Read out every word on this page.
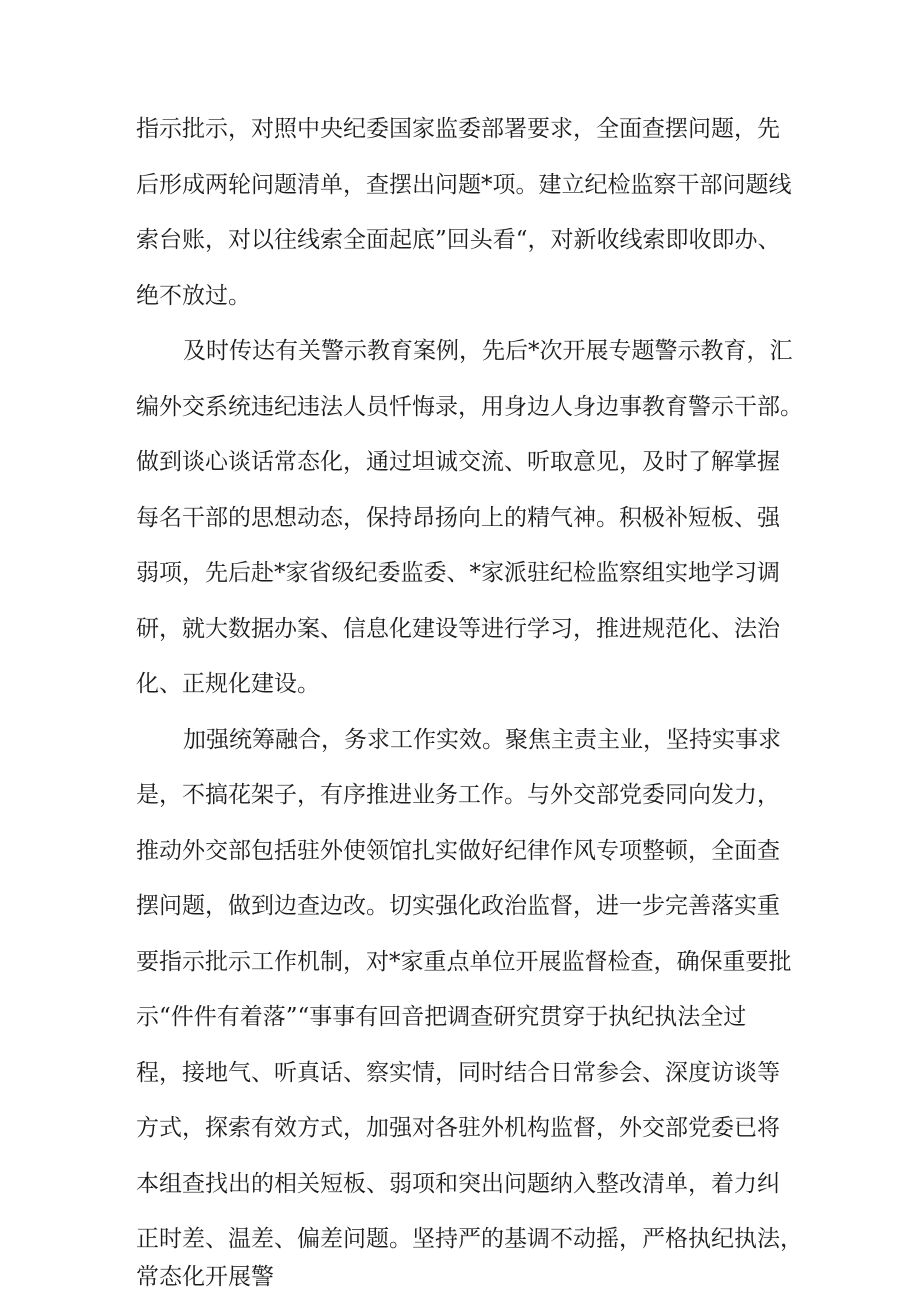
指示批示，对照中央纪委国家监委部署要求，全面查摆问题，先
后形成两轮问题清单，查摆出问题*项。建立纪检监察干部问题线
索台账，对以往线索全面起底”回头看“，对新收线索即收即办、
绝不放过。
及时传达有关警示教育案例，先后*次开展专题警示教育，汇
编外交系统违纪违法人员忏悔录，用身边人身边事教育警示干部。
做到谈心谈话常态化，通过坦诚交流、听取意见，及时了解掌握
每名干部的思想动态，保持昂扬向上的精气神。积极补短板、强
弱项，先后赴*家省级纪委监委、*家派驻纪检监察组实地学习调
研，就大数据办案、信息化建设等进行学习，推进规范化、法治
化、正规化建设。
加强统筹融合，务求工作实效。聚焦主责主业，坚持实事求
是，不搞花架子，有序推进业务工作。与外交部党委同向发力，
推动外交部包括驻外使领馆扎实做好纪律作风专项整顿，全面查
摆问题，做到边查边改。切实强化政治监督，进一步完善落实重
要指示批示工作机制，对*家重点单位开展监督检查，确保重要批
示“件件有着落”“事事有回音把调查研究贯穿于执纪执法全过
程，接地气、听真话、察实情，同时结合日常参会、深度访谈等
方式，探索有效方式，加强对各驻外机构监督，外交部党委已将
本组查找出的相关短板、弱项和突出问题纳入整改清单，着力纠
正时差、温差、偏差问题。坚持严的基调不动摇，严格执纪执法，
常态化开展警
